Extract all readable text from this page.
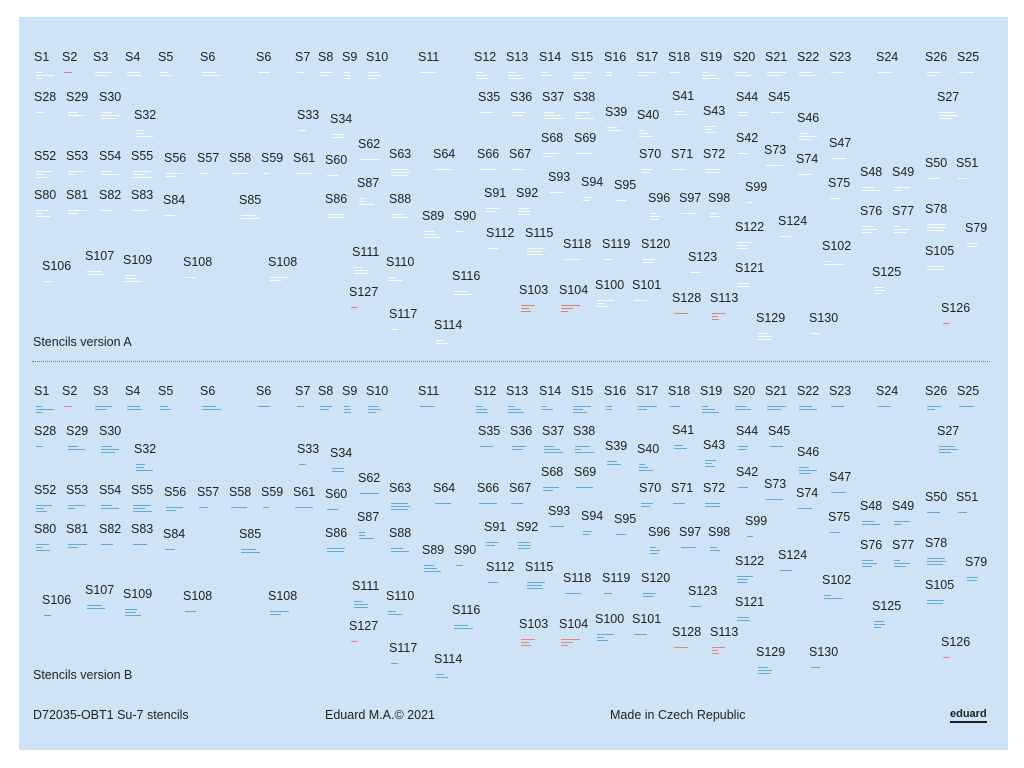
S1 S2 S3 S4 S5 S6	S6 S7 S8 S9 S10 S11	S12 S13 S14 S15 S16 S17 S18 S19 S20 S21 S22 S23 S24 S26 S25
S28 S29 S30
S32	S33 S34
S35 S36 S37 S38
S39 S40
S41
S43
S44 S45
S46
S27
S62	S68 S69	S42
S73	S47
S52 S53 S54 S55 S56 S57 S58 S59 S61 S60	S63 S64 S66 S67	S70 S71 S72	S74
S48 S49
S50 S51
S93 S94 S95
S87	S99	S75
S80 S81 S82 S83 S84	S85	S86	S88	S91 S92	S96 S97 S98
S76 S77 S78
S89 S90	S124	S79
S112 S115
S118 S119 S120
S122
S102
S107 S109
S111	S123	S105
S106	S108	S108	S110	S121	S125
S116
S100 S101
S103 S104
S127	S128 S113
S126
S117	S129 S130
S114
S1 S2 S3 S4 S5 S6	S6 S7 S8 S9 S10 S11	S12 S13 S14 S15 S16 S17 S18 S19 S20 S21 S22 S23 S24 S26 S25
S28 S29 S30
S32	S33 S34
S35 S36 S37 S38
S39 S40
S41
S43
S44 S45
S46
S27
S62	S68 S69	S42
S73	S47
S52 S53 S54 S55 S56 S57 S58 S59 S61 S60	S63 S64 S66 S67	S70 S71 S72	S74
S48 S49
S50 S51
S93 S94 S95
S87	S99	S75
S80 S81 S82 S83 S84	S85	S86	S88	S91 S92	S96 S97 S98
S76 S77 S78
S89 S90	S124	S79
S112 S115
S118 S119 S120
S122
S102
S107 S109
S111	S123	S105
S106	S108	S108	S110	S121	S125
S116
S100 S101
S103 S104
S127	S128 S113
S126
S117	S129 S130
S114
Stencils version A
Stencils version B
D72035-OBT1 Su-7 stencils	Eduard M.A.© 2021	Made in Czech Republic	eduard
